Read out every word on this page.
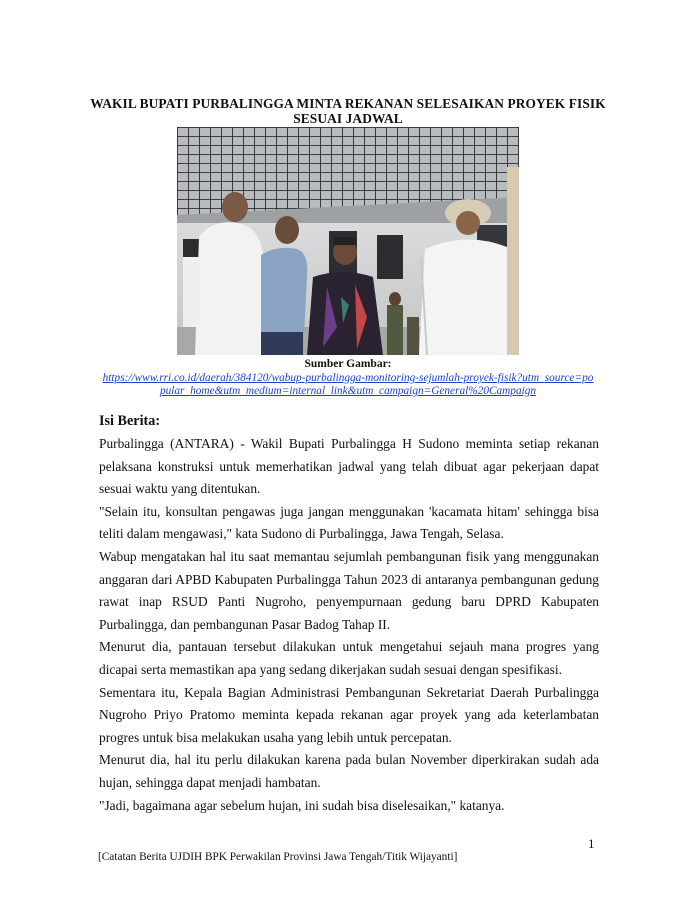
WAKIL BUPATI PURBALINGGA MINTA REKANAN SELESAIKAN PROYEK FISIK SESUAI JADWAL
Sumber Gambar:
https://www.rri.co.id/daerah/384120/wabup-purbalingga-monitoring-sejumlah-proyek-fisik?utm_source=popular_home&utm_medium=internal_link&utm_campaign=General%20Campaign
Isi Berita:

Purbalingga (ANTARA) - Wakil Bupati Purbalingga H Sudono meminta setiap rekanan pelaksana konstruksi untuk memerhatikan jadwal yang telah dibuat agar pekerjaan dapat sesuai waktu yang ditentukan.

"Selain itu, konsultan pengawas juga jangan menggunakan 'kacamata hitam' sehingga bisa teliti dalam mengawasi," kata Sudono di Purbalingga, Jawa Tengah, Selasa.

Wabup mengatakan hal itu saat memantau sejumlah pembangunan fisik yang menggunakan anggaran dari APBD Kabupaten Purbalingga Tahun 2023 di antaranya pembangunan gedung rawat inap RSUD Panti Nugroho, penyempurnaan gedung baru DPRD Kabupaten Purbalingga, dan pembangunan Pasar Badog Tahap II.

Menurut dia, pantauan tersebut dilakukan untuk mengetahui sejauh mana progres yang dicapai serta memastikan apa yang sedang dikerjakan sudah sesuai dengan spesifikasi.

Sementara itu, Kepala Bagian Administrasi Pembangunan Sekretariat Daerah Purbalingga Nugroho Priyo Pratomo meminta kepada rekanan agar proyek yang ada keterlambatan progres untuk bisa melakukan usaha yang lebih untuk percepatan.

Menurut dia, hal itu perlu dilakukan karena pada bulan November diperkirakan sudah ada hujan, sehingga dapat menjadi hambatan.

"Jadi, bagaimana agar sebelum hujan, ini sudah bisa diselesaikan," katanya.

1
[Catatan Berita UJDIH BPK Perwakilan Provinsi Jawa Tengah/Titik Wijayanti]
